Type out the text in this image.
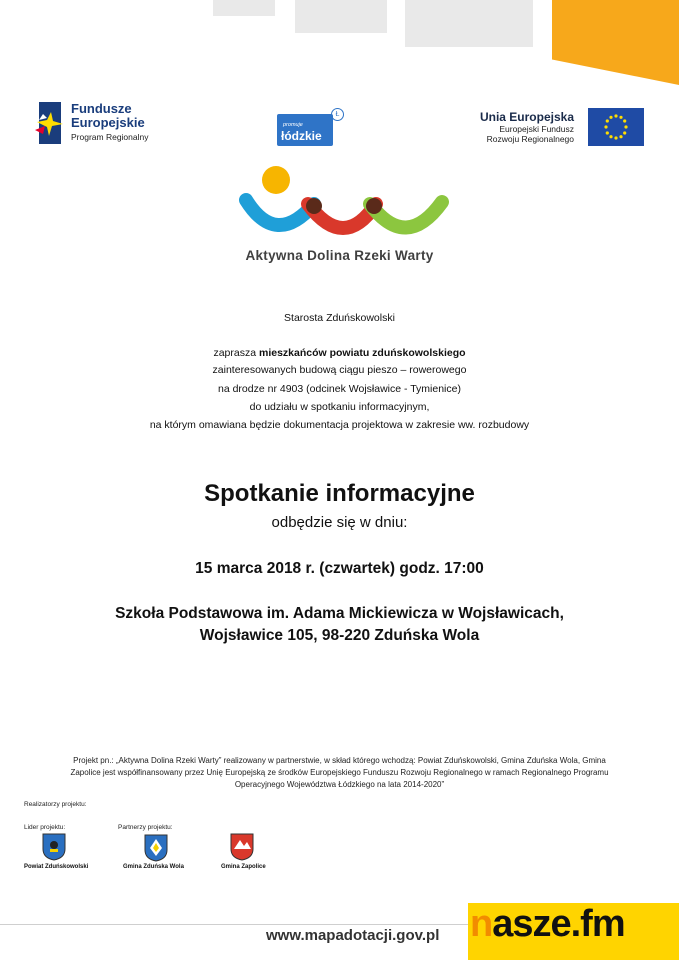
Fundusze
Europejskie
Program Regionalny
promuje
łódzkie
Ł	Unia Europejska
Europejski Fundusz
Rozwoju Regionalnego
Aktywna Dolina Rzeki Warty
Starosta Zduńskowolski
zaprasza mieszkańców powiatu zduńskowolskiego
zainteresowanych budową ciągu pieszo – rowerowego
na drodze nr 4903 (odcinek Wojsławice - Tymienice)
do udziału w spotkaniu informacyjnym,
na którym omawiana będzie dokumentacja projektowa w zakresie ww. rozbudowy
Spotkanie informacyjne
odbędzie się w dniu:
15 marca 2018 r. (czwartek) godz. 17:00
Szkoła Podstawowa im. Adama Mickiewicza w Wojsławicach,
Wojsławice 105, 98-220 Zduńska Wola
Projekt pn.: „Aktywna Dolina Rzeki Warty” realizowany w partnerstwie, w skład którego wchodzą: Powiat Zduńskowolski, Gmina Zduńska Wola, Gmina
Zapolice jest współfinansowany przez Unię Europejską ze środków Europejskiego Funduszu Rozwoju Regionalnego w ramach Regionalnego Programu
Operacyjnego Województwa Łódzkiego na lata 2014-2020”
Realizatorzy projektu:
Lider projektu:	Partnerzy projektu:
Powiat Zduńskowolski	Gmina Zduńska Wola	Gmina Zapolice
www.mapadotacji.gov.pl nasze.fm
